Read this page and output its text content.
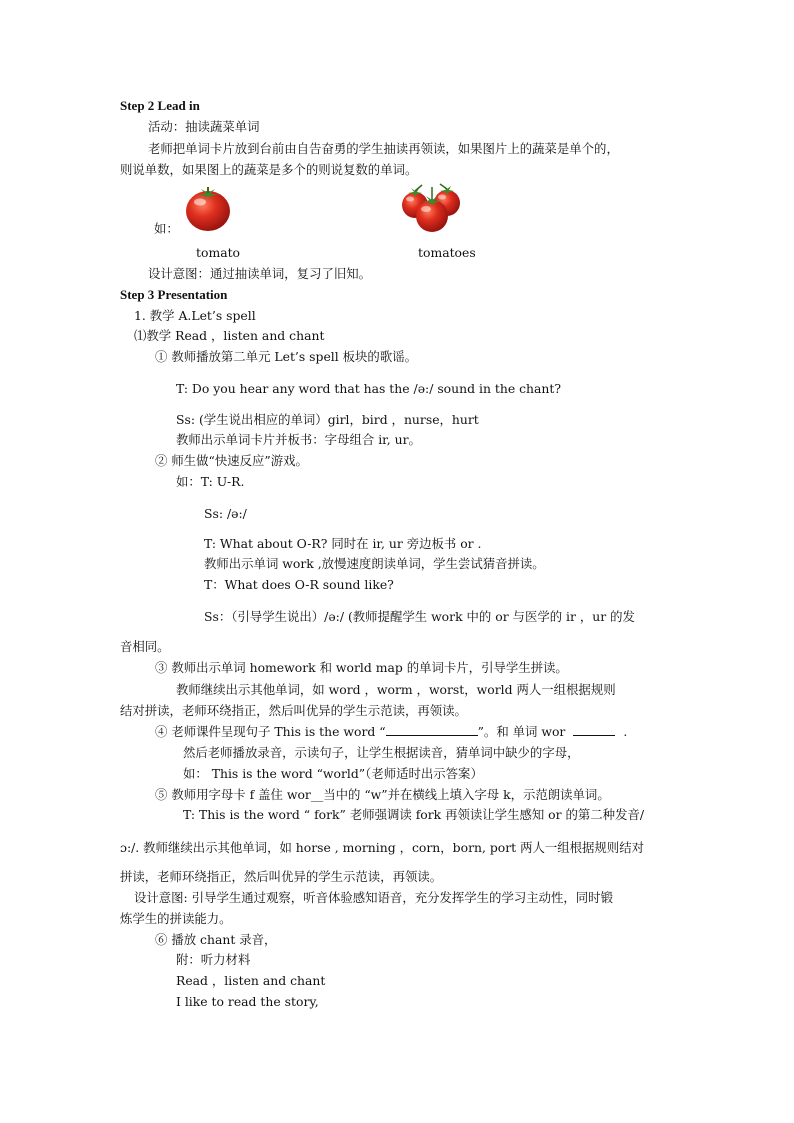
Step 2 Lead in
活动：抽读蔬菜单词
老师把单词卡片放到台前由自告奋勇的学生抽读再领读，如果图片上的蔬菜是单个的，
则说单数，如果图上的蔬菜是多个的则说复数的单词。
如：
tomato	tomatoes
设计意图：通过抽读单词，复习了旧知。
Step 3 Presentation
1. 教学 A.Let’s spell
⑴教学 Read ，listen and chant
① 教师播放第二单元 Let’s spell 板块的歌谣。
T: Do you hear any word that has the /ə:/ sound in the chant?
Ss: (学生说出相应的单词）girl，bird ，nurse，hurt
教师出示单词卡片并板书：字母组合 ir, ur。
② 师生做“快速反应”游戏。
如：T: U-R.
Ss: /ə:/
T: What about O-R? 同时在 ir, ur 旁边板书 or .
教师出示单词 work ,放慢速度朗读单词，学生尝试猜音拼读。
T：What does O-R sound like?
Ss：（引导学生说出）/ə:/ (教师提醒学生 work 中的 or 与医学的 ir ，ur 的发
音相同。
③ 教师出示单词 homework 和 world map 的单词卡片，引导学生拼读。
教师继续出示其他单词，如 word ，worm ，worst，world 两人一组根据规则
结对拼读，老师环绕指正，然后叫优异的学生示范读，再领读。
④ 老师课件呈现句子 This is the word “	”。和 单词 wor	.
然后老师播放录音，示读句子，让学生根据读音，猜单词中缺少的字母，
如： This is the word “world”（老师适时出示答案）
⑤ 教师用字母卡 f 盖住 wor__当中的 “w”并在横线上填入字母 k，示范朗读单词。
T: This is the word “ fork” 老师强调读 fork 再领读让学生感知 or 的第二种发音/
ɔ:/. 教师继续出示其他单词，如 horse , morning ，corn，born, port 两人一组根据规则结对
拼读，老师环绕指正，然后叫优异的学生示范读，再领读。
设计意图: 引导学生通过观察，听音体验感知语音，充分发挥学生的学习主动性，同时锻
炼学生的拼读能力。
⑥ 播放 chant 录音，
附：听力材料
Read ，listen and chant
I like to read the story,
